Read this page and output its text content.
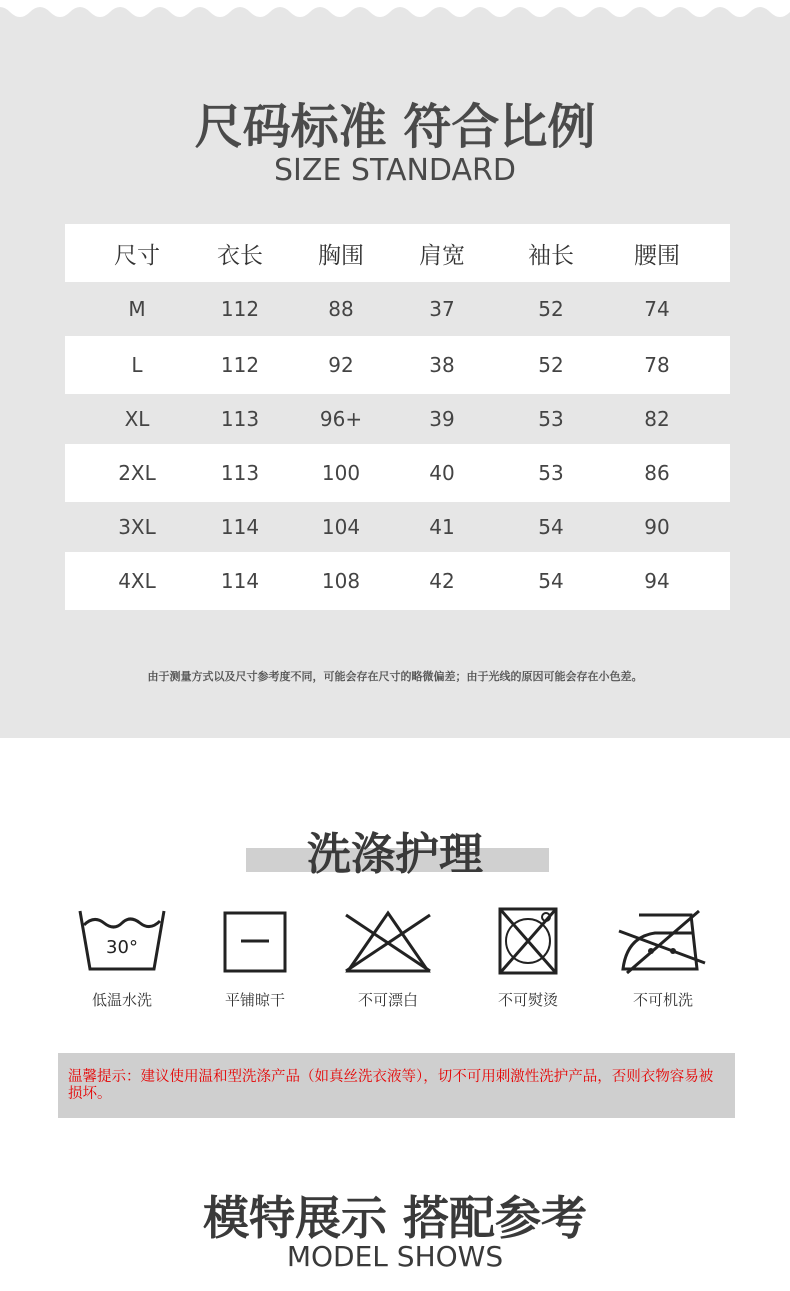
尺码标准 符合比例
SIZE STANDARD
尺寸	衣长	胸围	肩宽	袖长	腰围
M	112	88	37	52	74
L	112	92	38	52	78
XL	113	96+	39	53	82
2XL	113	100	40	53	86
3XL	114	104	41	54	90
4XL	114	108	42	54	94
由于测量方式以及尺寸参考度不同，可能会存在尺寸的略微偏差；由于光线的原因可能会存在小色差。
洗涤护理
30°
低温水洗	平铺晾干	不可漂白	不可熨烫	不可机洗
温馨提示：建议使用温和型洗涤产品（如真丝洗衣液等），切不可用刺激性洗护产品，否则衣物容易被损坏。
模特展示 搭配参考
MODEL SHOWS
